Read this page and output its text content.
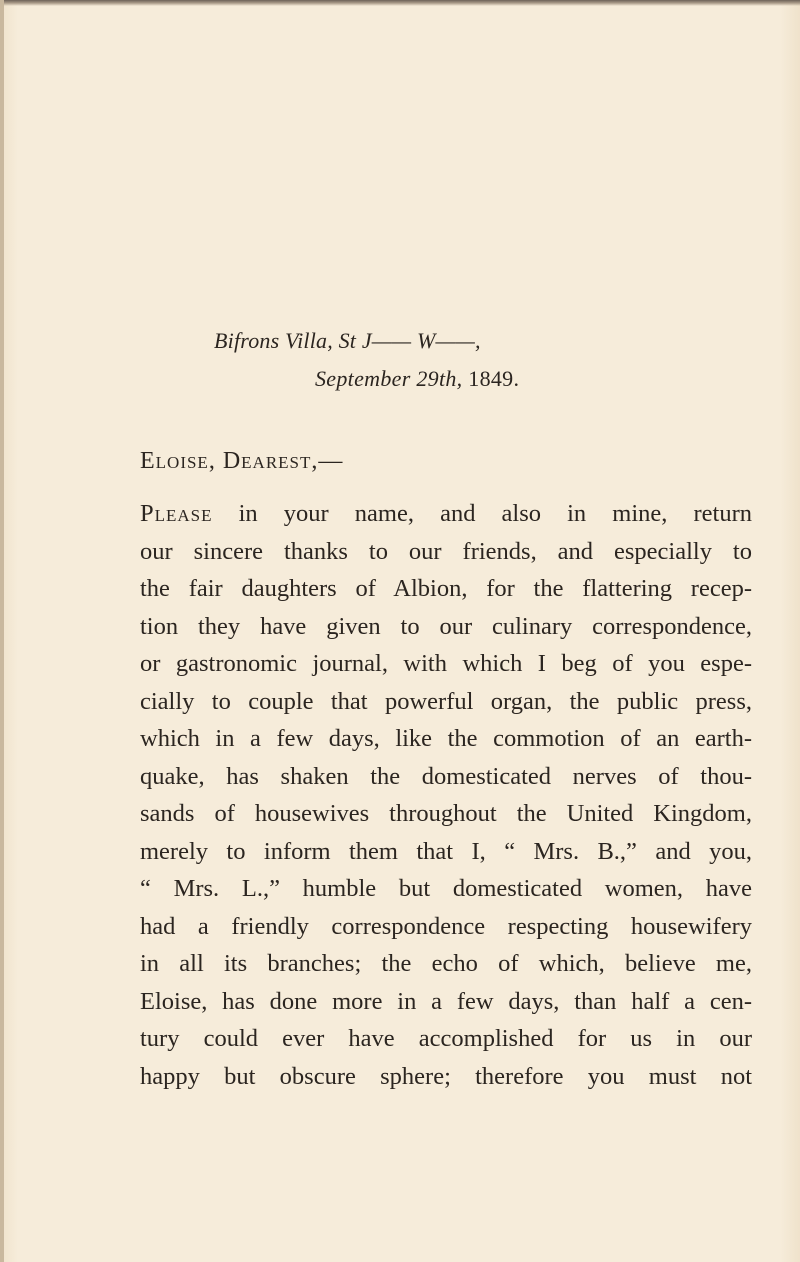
Bifrons Villa, St J—— W——,
September 29th, 1849.
Eloise, Dearest,—
Please in your name, and also in mine, return
our sincere thanks to our friends, and especially to
the fair daughters of Albion, for the flattering recep-
tion they have given to our culinary correspondence,
or gastronomic journal, with which I beg of you espe-
cially to couple that powerful organ, the public press,
which in a few days, like the commotion of an earth-
quake, has shaken the domesticated nerves of thou-
sands of housewives throughout the United Kingdom,
merely to inform them that I, “ Mrs. B.,” and you,
“ Mrs. L.,” humble but domesticated women, have
had a friendly correspondence respecting housewifery
in all its branches; the echo of which, believe me,
Eloise, has done more in a few days, than half a cen-
tury could ever have accomplished for us in our
happy but obscure sphere; therefore you must not
